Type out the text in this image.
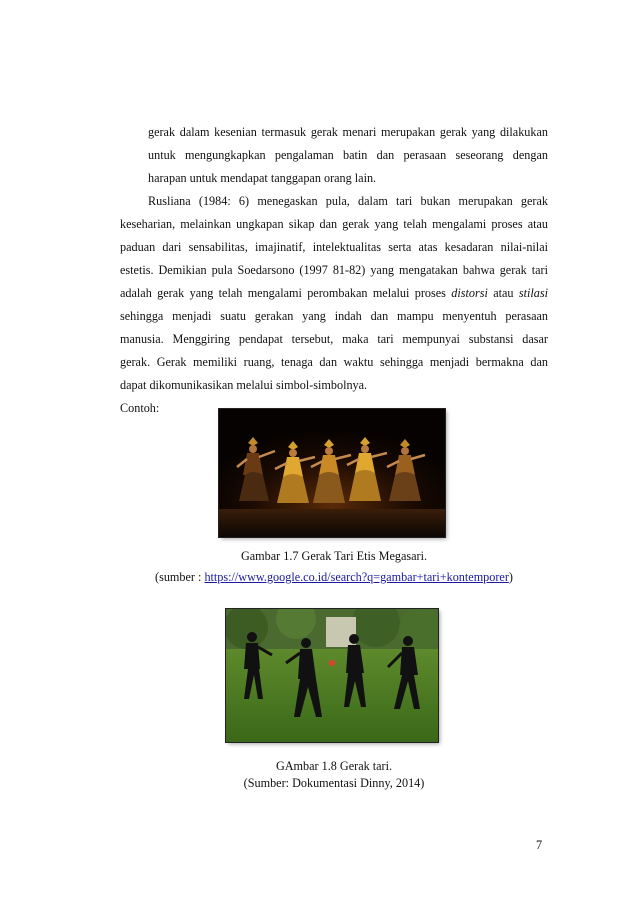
gerak dalam kesenian termasuk gerak menari merupakan gerak yang dilakukan
untuk mengungkapkan pengalaman batin dan perasaan seseorang dengan
harapan untuk mendapat tanggapan orang lain.
Rusliana (1984: 6) menegaskan pula, dalam tari bukan merupakan gerak
keseharian, melainkan ungkapan sikap dan gerak yang telah mengalami proses atau
paduan dari sensabilitas, imajinatif, intelektualitas serta atas kesadaran nilai-nilai
estetis. Demikian pula Soedarsono (1997 81-82) yang mengatakan bahwa gerak tari
adalah gerak yang telah mengalami perombakan melalui proses distorsi atau stilasi
sehingga menjadi suatu gerakan yang indah dan mampu menyentuh perasaan
manusia. Menggiring pendapat tersebut, maka tari mempunyai substansi dasar
gerak. Gerak memiliki ruang, tenaga dan waktu sehingga menjadi bermakna dan
dapat dikomunikasikan melalui simbol-simbolnya.
Contoh:
Gambar 1.7 Gerak Tari Etis Megasari.
(sumber : https://www.google.co.id/search?q=gambar+tari+kontemporer)
GAmbar 1.8 Gerak tari.
(Sumber: Dokumentasi Dinny, 2014)
7
